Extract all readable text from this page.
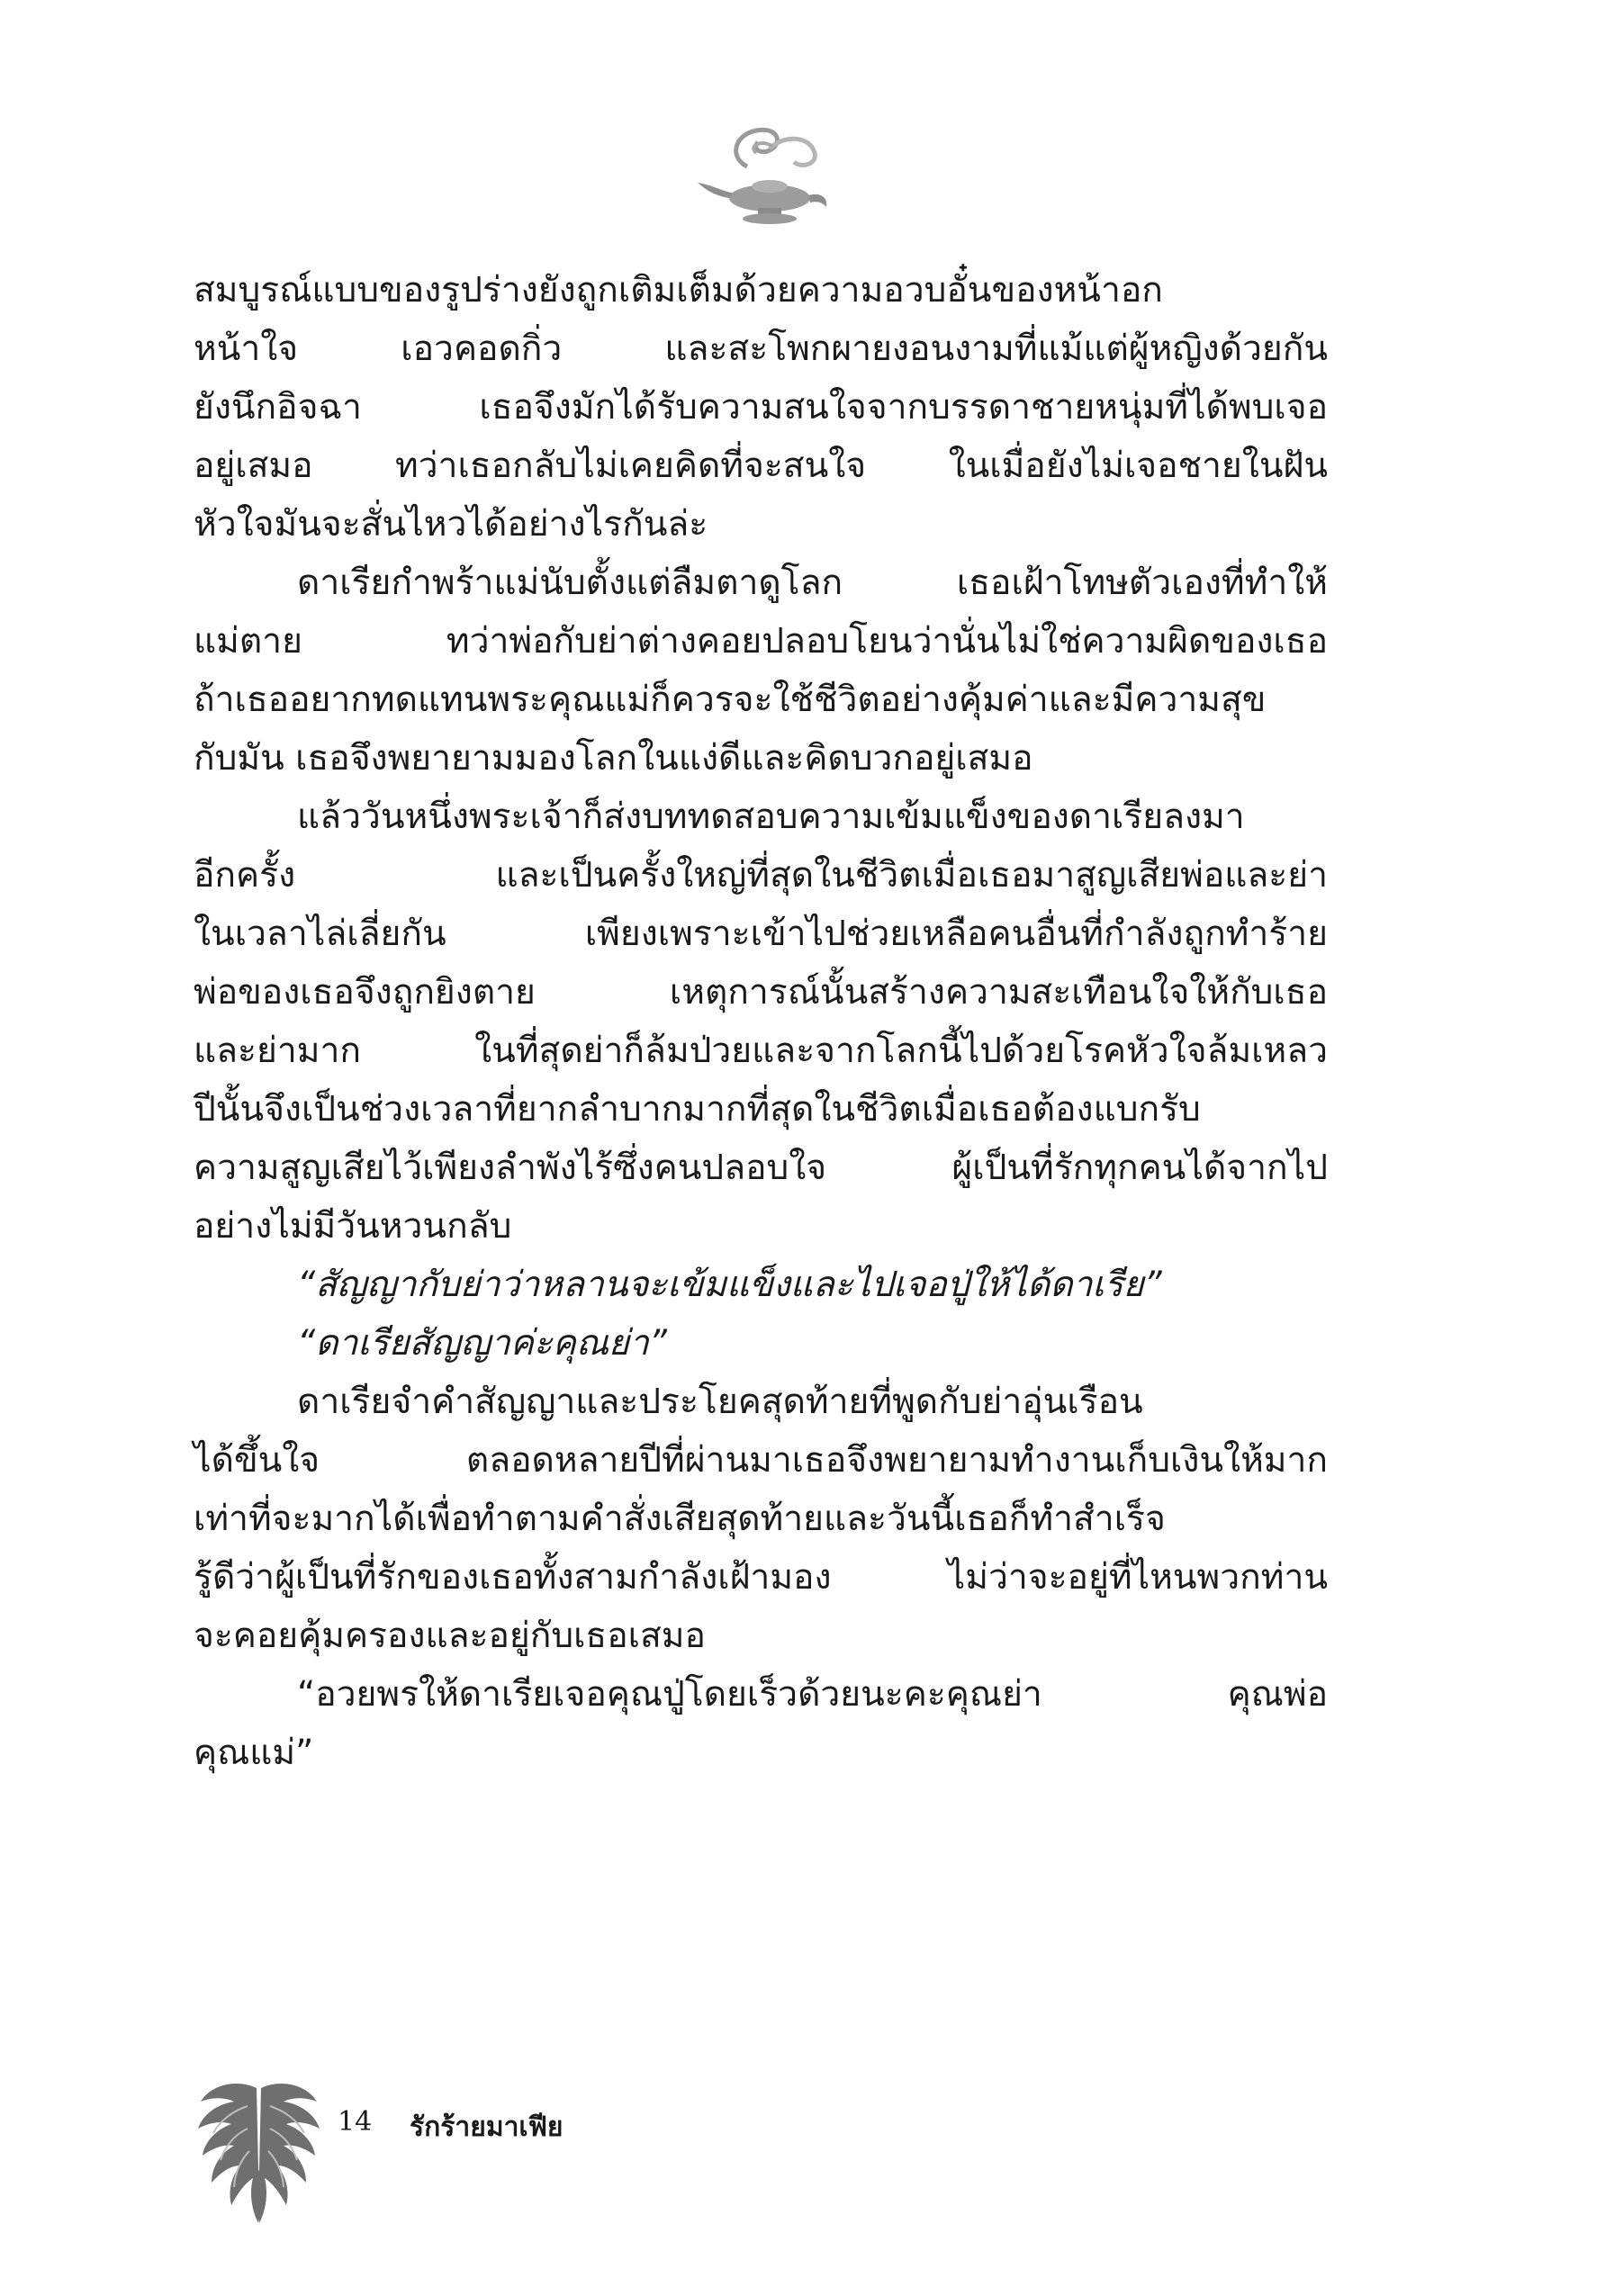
สมบูรณ์แบบของรูปร่างยังถูกเติมเต็มด้วยความอวบอั๋นของหน้าอก
หน้าใจ เอวคอดกิ่ว และสะโพกผายงอนงามที่แม้แต่ผู้หญิงด้วยกัน
ยังนึกอิจฉา เธอจึงมักได้รับความสนใจจากบรรดาชายหนุ่มที่ได้พบเจอ
อยู่เสมอ ทว่าเธอกลับไม่เคยคิดที่จะสนใจ ในเมื่อยังไม่เจอชายในฝัน
หัวใจมันจะสั่นไหวได้อย่างไรกันล่ะ
ดาเรียกำพร้าแม่นับตั้งแต่ลืมตาดูโลก เธอเฝ้าโทษตัวเองที่ทำให้
แม่ตาย ทว่าพ่อกับย่าต่างคอยปลอบโยนว่านั่นไม่ใช่ความผิดของเธอ
ถ้าเธออยากทดแทนพระคุณแม่ก็ควรจะใช้ชีวิตอย่างคุ้มค่าและมีความสุข
กับมัน เธอจึงพยายามมองโลกในแง่ดีและคิดบวกอยู่เสมอ
แล้ววันหนึ่งพระเจ้าก็ส่งบททดสอบความเข้มแข็งของดาเรียลงมา
อีกครั้ง และเป็นครั้งใหญ่ที่สุดในชีวิตเมื่อเธอมาสูญเสียพ่อและย่า
ในเวลาไล่เลี่ยกัน เพียงเพราะเข้าไปช่วยเหลือคนอื่นที่กำลังถูกทำร้าย
พ่อของเธอจึงถูกยิงตาย เหตุการณ์นั้นสร้างความสะเทือนใจให้กับเธอ
และย่ามาก ในที่สุดย่าก็ล้มป่วยและจากโลกนี้ไปด้วยโรคหัวใจล้มเหลว
ปีนั้นจึงเป็นช่วงเวลาที่ยากลำบากมากที่สุดในชีวิตเมื่อเธอต้องแบกรับ
ความสูญเสียไว้เพียงลำพังไร้ซึ่งคนปลอบใจ ผู้เป็นที่รักทุกคนได้จากไป
อย่างไม่มีวันหวนกลับ
“สัญญากับย่าว่าหลานจะเข้มแข็งและไปเจอปู่ให้ได้ดาเรีย”
“ดาเรียสัญญาค่ะคุณย่า”
ดาเรียจำคำสัญญาและประโยคสุดท้ายที่พูดกับย่าอุ่นเรือน
ได้ขึ้นใจ ตลอดหลายปีที่ผ่านมาเธอจึงพยายามทำงานเก็บเงินให้มาก
เท่าที่จะมากได้เพื่อทำตามคำสั่งเสียสุดท้ายและวันนี้เธอก็ทำสำเร็จ
รู้ดีว่าผู้เป็นที่รักของเธอทั้งสามกำลังเฝ้ามอง ไม่ว่าจะอยู่ที่ไหนพวกท่าน
จะคอยคุ้มครองและอยู่กับเธอเสมอ
“อวยพรให้ดาเรียเจอคุณปู่โดยเร็วด้วยนะคะคุณย่า คุณพ่อ
คุณแม่”
14 รักร้ายมาเฟีย
